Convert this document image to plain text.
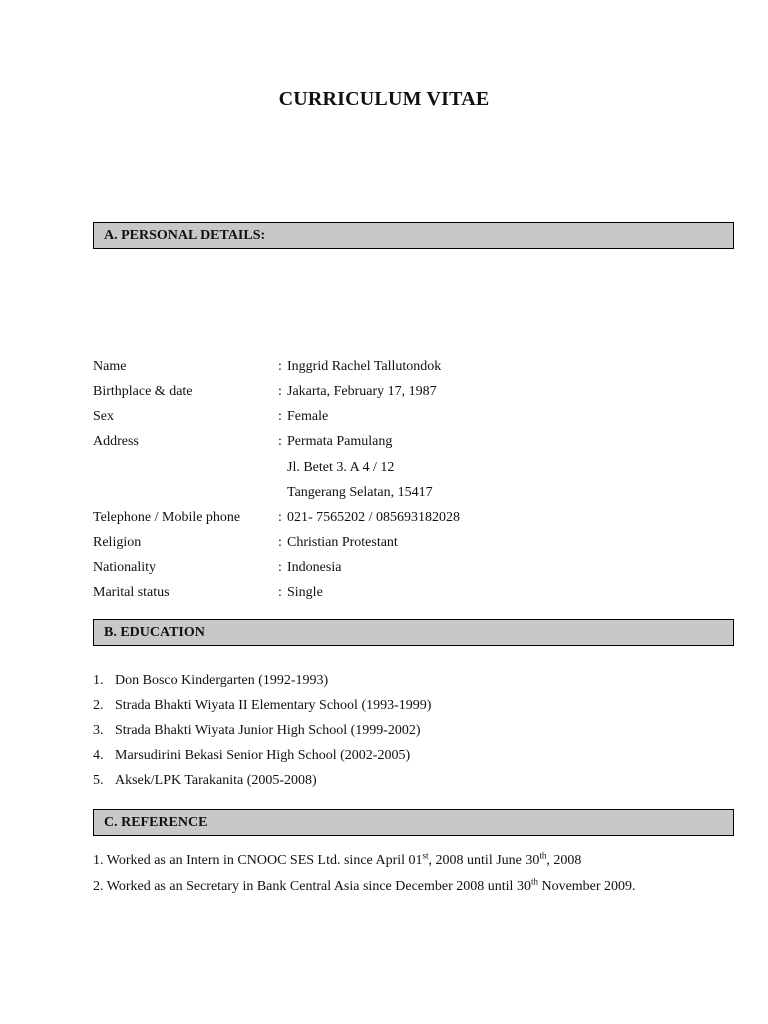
CURRICULUM VITAE
A. PERSONAL DETAILS:
Name	: Inggrid Rachel Tallutondok
Birthplace & date	: Jakarta, February 17, 1987
Sex	: Female
Address	: Permata Pamulang
Jl. Betet 3. A 4 / 12
Tangerang Selatan, 15417
Telephone / Mobile phone	: 021- 7565202 / 085693182028
Religion	: Christian Protestant
Nationality	: Indonesia
Marital status	: Single
B. EDUCATION
1. Don Bosco Kindergarten (1992-1993)
2. Strada Bhakti Wiyata II Elementary School (1993-1999)
3. Strada Bhakti Wiyata Junior High School (1999-2002)
4. Marsudirini Bekasi Senior High School (2002-2005)
5. Aksek/LPK Tarakanita (2005-2008)
C. REFERENCE
1. Worked as an Intern in CNOOC SES Ltd. since April 01st, 2008 until June 30th, 2008
2. Worked as an Secretary in Bank Central Asia since December 2008 until 30th November 2009.
